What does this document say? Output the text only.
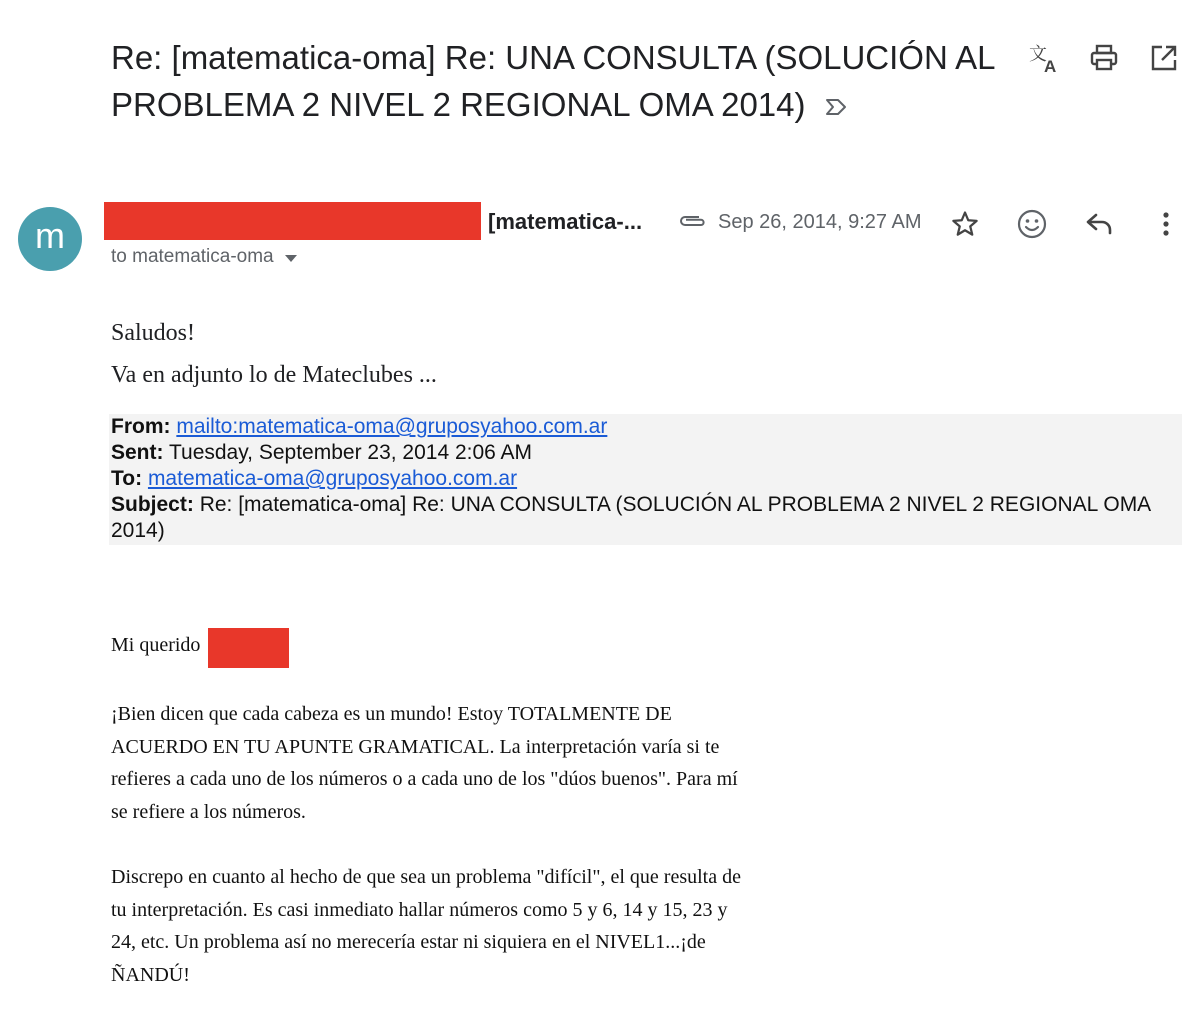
Re: [matematica-oma] Re: UNA CONSULTA (SOLUCIÓN AL PROBLEMA 2 NIVEL 2 REGIONAL OMA 2014)
文
A
m	[matematica-...	Sep 26, 2014, 9:27 AM
to matematica-oma
Saludos!
Va en adjunto lo de Mateclubes ...
From: mailto:matematica-oma@gruposyahoo.com.ar
Sent: Tuesday, September 23, 2014 2:06 AM
To: matematica-oma@gruposyahoo.com.ar
Subject: Re: [matematica-oma] Re: UNA CONSULTA (SOLUCIÓN AL PROBLEMA 2 NIVEL 2 REGIONAL OMA 2014)
Mi querido
¡Bien dicen que cada cabeza es un mundo! Estoy TOTALMENTE DE ACUERDO EN TU APUNTE GRAMATICAL. La interpretación varía si te refieres a cada uno de los números o a cada uno de los "dúos buenos". Para mí se refiere a los números.
Discrepo en cuanto al hecho de que sea un problema "difícil", el que resulta de tu interpretación. Es casi inmediato hallar números como 5 y 6, 14 y 15, 23 y 24, etc. Un problema así no merecería estar ni siquiera en el NIVEL1...¡de ÑANDÚ!
